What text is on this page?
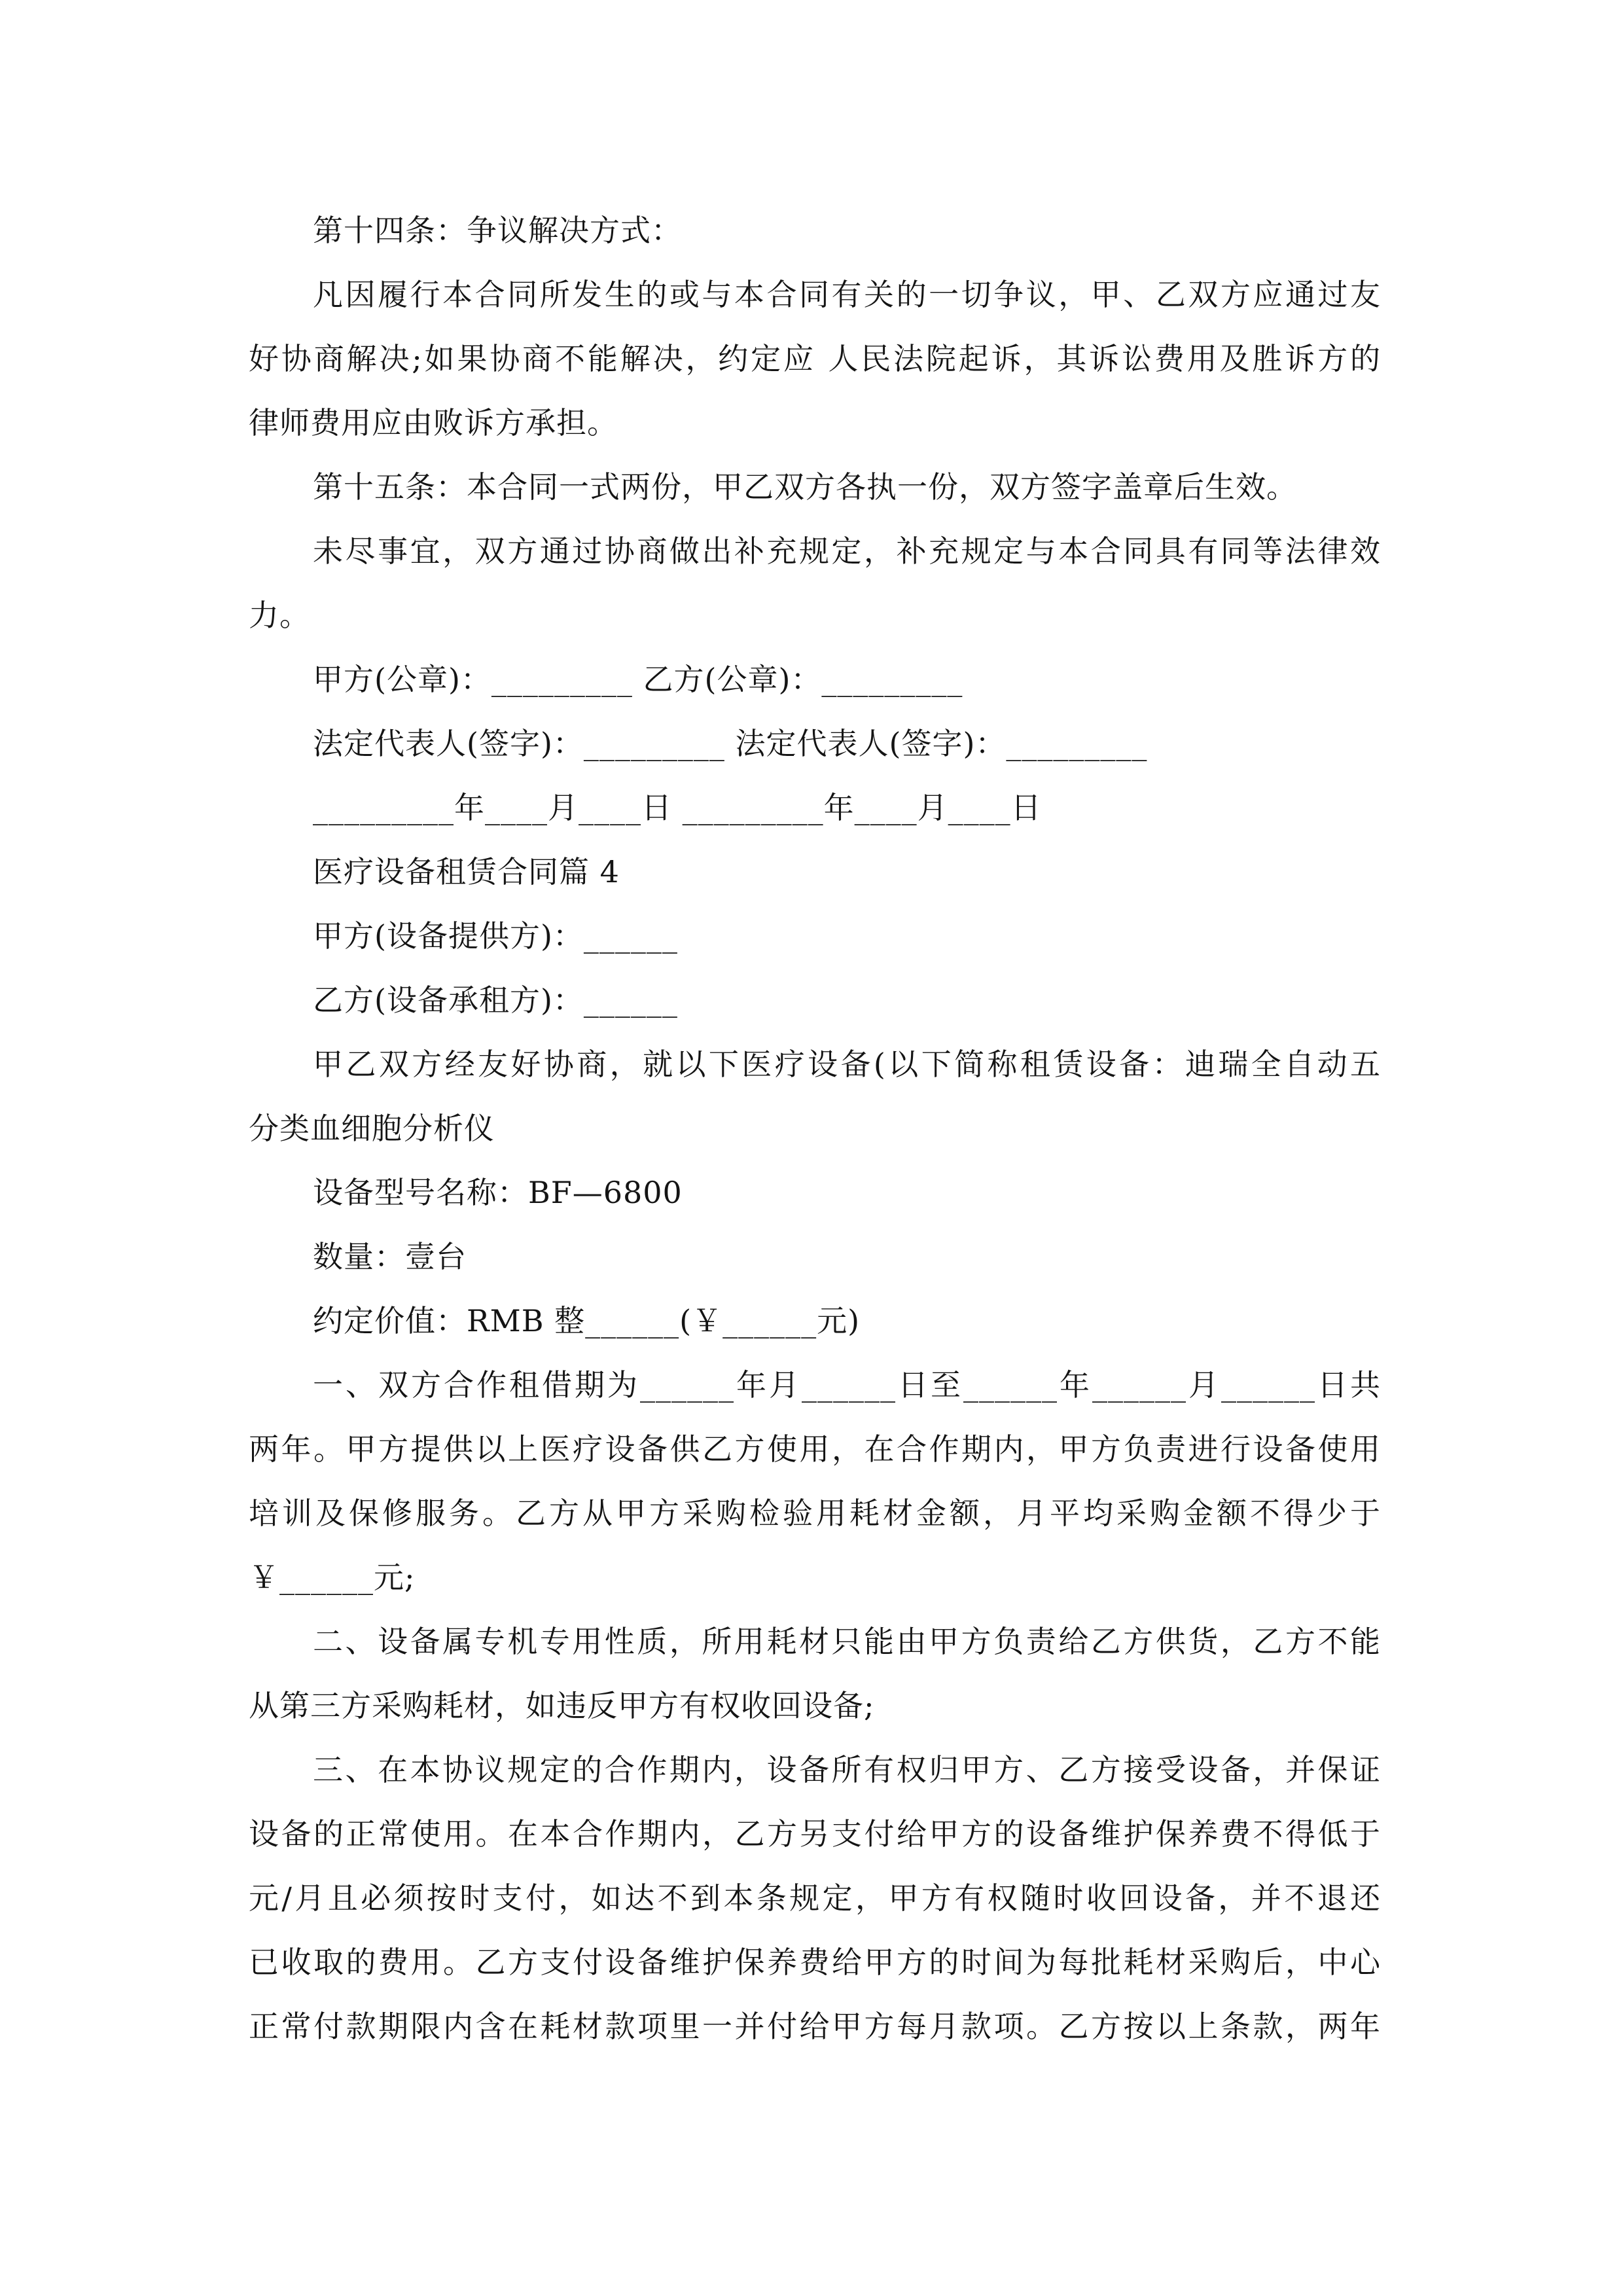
第十四条：争议解决方式：
凡因履行本合同所发生的或与本合同有关的一切争议，甲、乙双方应通过友
好协商解决;如果协商不能解决，约定应 人民法院起诉，其诉讼费用及胜诉方的
律师费用应由败诉方承担。
第十五条：本合同一式两份，甲乙双方各执一份，双方签字盖章后生效。
未尽事宜，双方通过协商做出补充规定，补充规定与本合同具有同等法律效
力。
甲方(公章)：_________ 乙方(公章)：_________
法定代表人(签字)：_________ 法定代表人(签字)：_________
_________年____月____日 _________年____月____日
医疗设备租赁合同篇 4
甲方(设备提供方)：______
乙方(设备承租方)：______
甲乙双方经友好协商，就以下医疗设备(以下简称租赁设备：迪瑞全自动五
分类血细胞分析仪
设备型号名称：BF—6800
数量：壹台
约定价值：RMB 整______(￥______元)
一、双方合作租借期为______年月______日至______年______月______日共
两年。甲方提供以上医疗设备供乙方使用，在合作期内，甲方负责进行设备使用
培训及保修服务。乙方从甲方采购检验用耗材金额，月平均采购金额不得少于
￥______元;
二、设备属专机专用性质，所用耗材只能由甲方负责给乙方供货，乙方不能
从第三方采购耗材，如违反甲方有权收回设备;
三、在本协议规定的合作期内，设备所有权归甲方、乙方接受设备，并保证
设备的正常使用。在本合作期内，乙方另支付给甲方的设备维护保养费不得低于
元/月且必须按时支付，如达不到本条规定，甲方有权随时收回设备，并不退还
已收取的费用。乙方支付设备维护保养费给甲方的时间为每批耗材采购后，中心
正常付款期限内含在耗材款项里一并付给甲方每月款项。乙方按以上条款，两年
